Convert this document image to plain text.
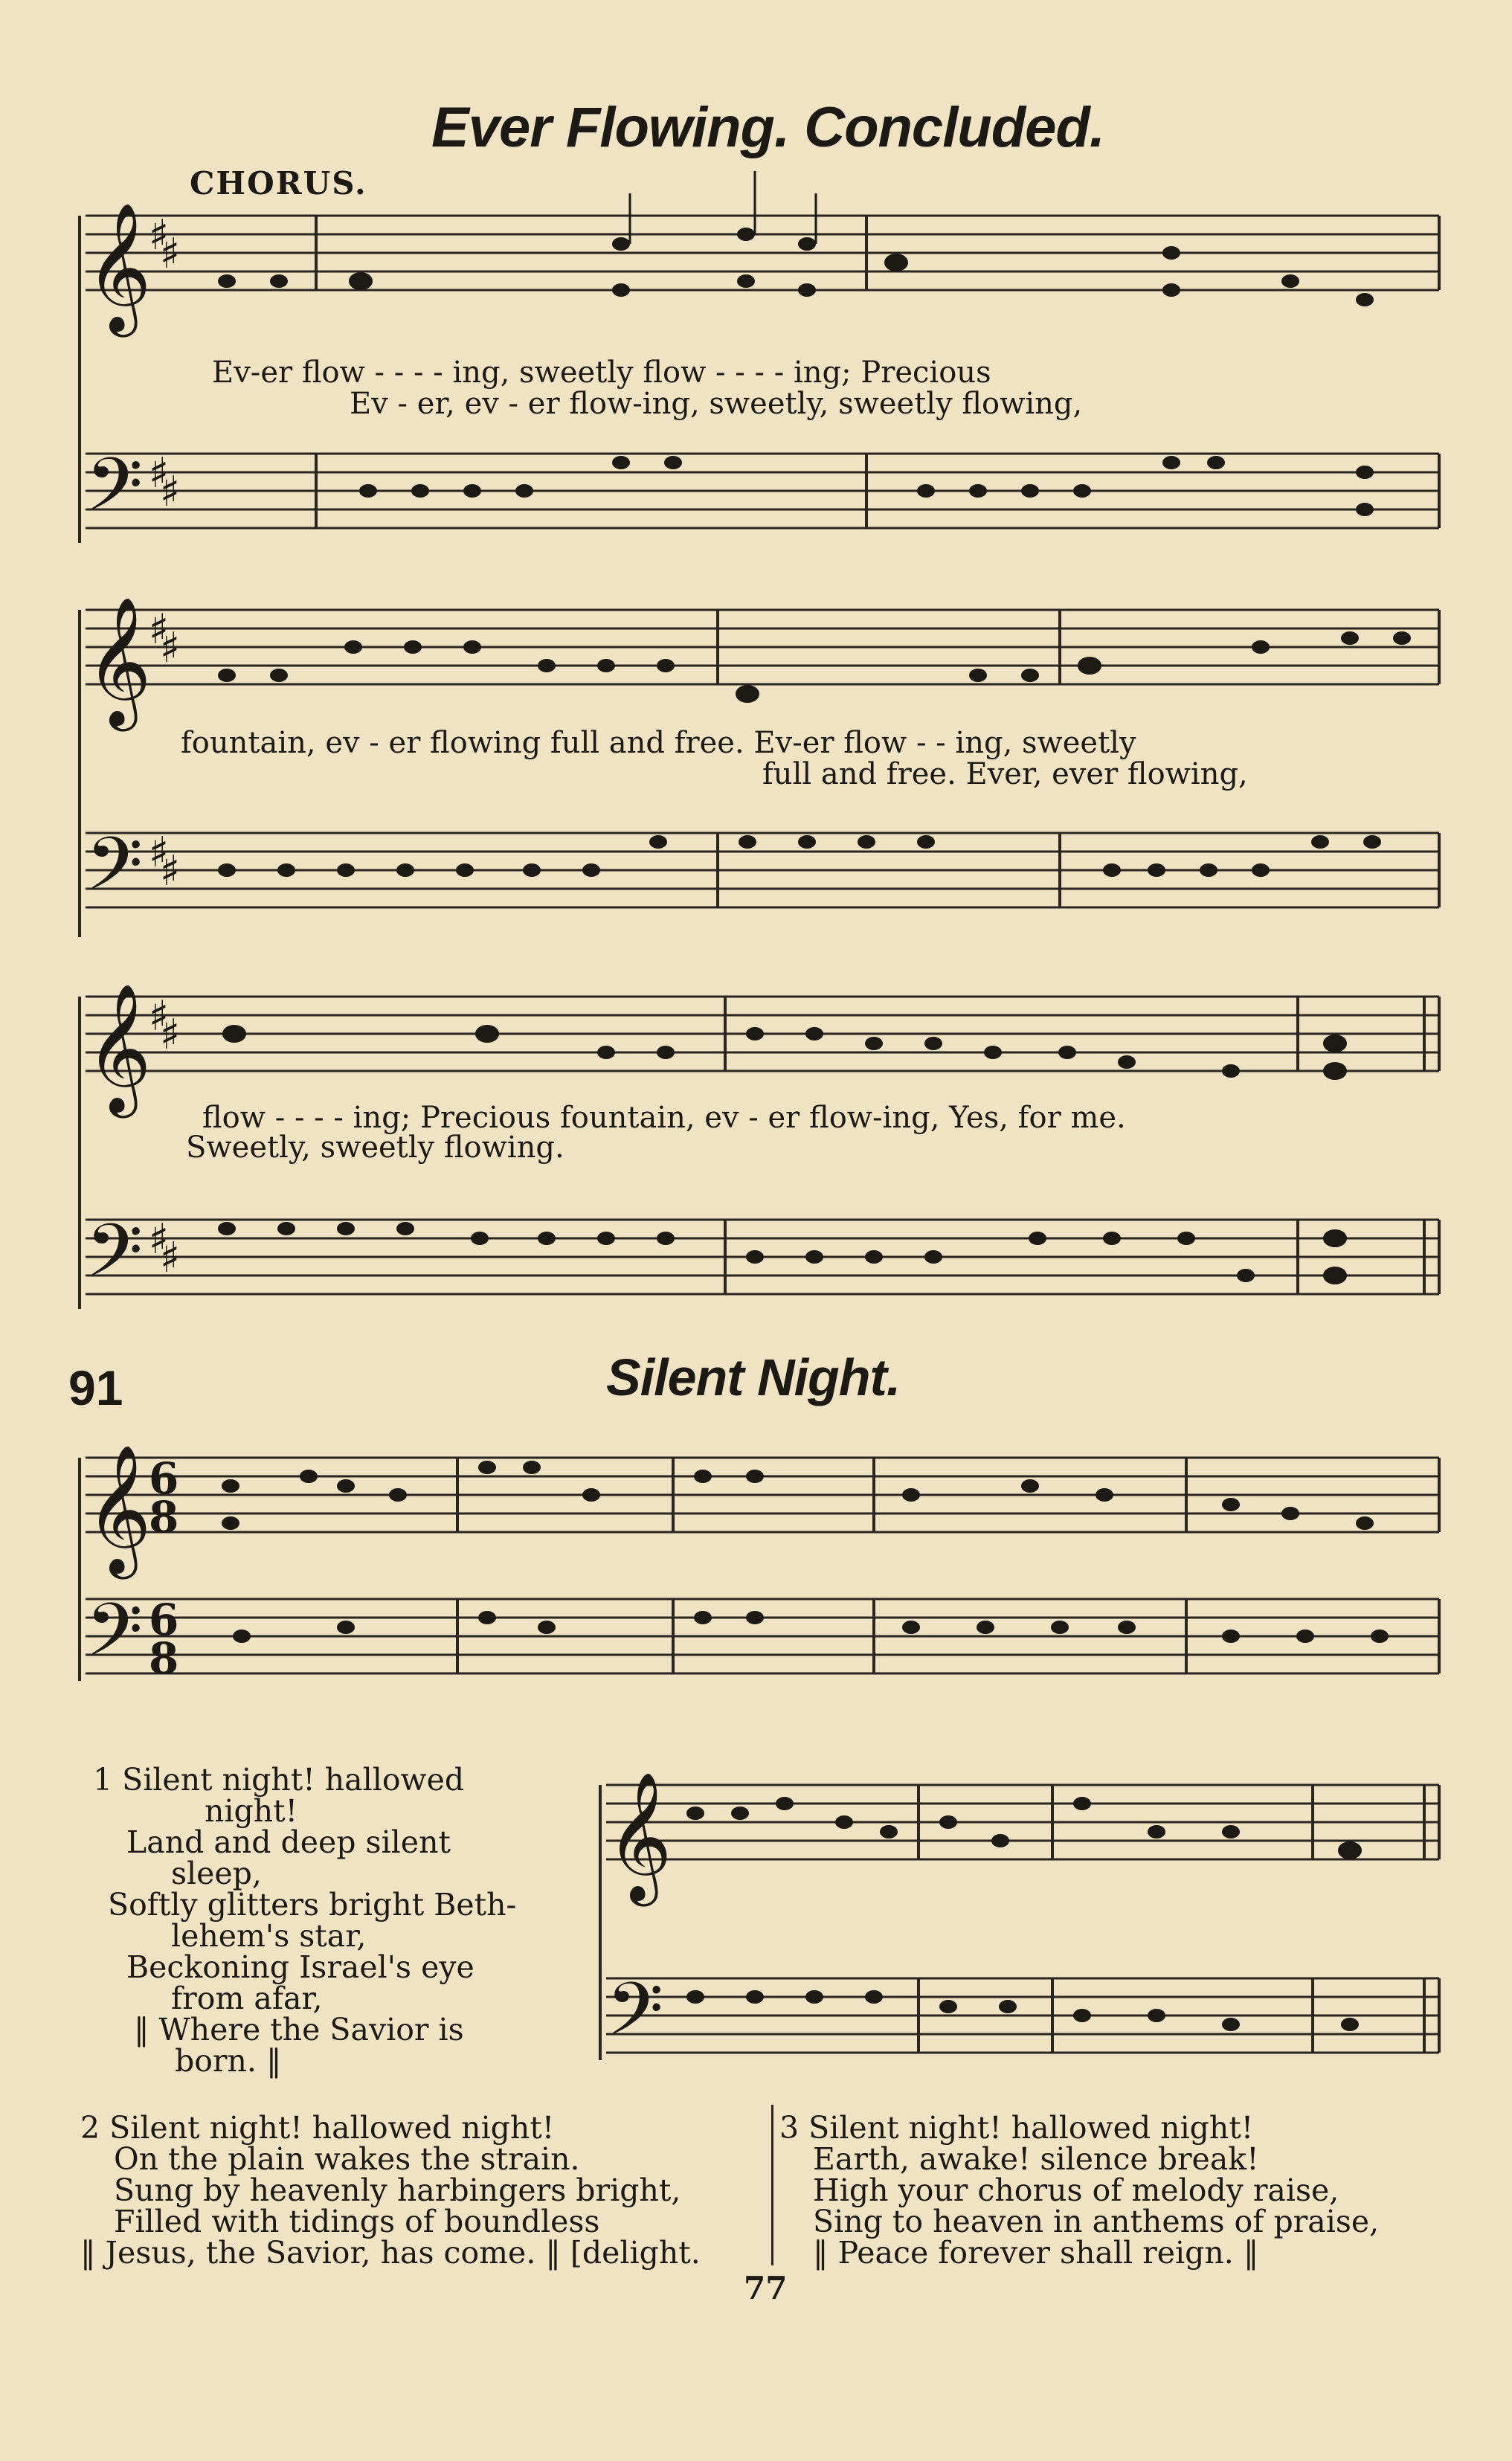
Ever Flowing. Concluded.
CHORUS.
𝄞
♯
♯
𝄢 ♯
♯
Ev-er flow - - - - ing, sweetly flow - - - - ing; Precious
Ev - er, ev - er flow-ing, sweetly, sweetly flowing,
𝄞
♯
♯
𝄢 ♯
♯
fountain, ev - er flowing full and free. Ev-er flow - - ing, sweetly
full and free. Ever, ever flowing,
𝄞
♯
♯
𝄢 ♯
♯
flow - - - - ing; Precious fountain, ev - er flow-ing, Yes, for me.
Sweetly, sweetly flowing.
91	Silent Night.
𝄞
6
8
𝄢 6
8
𝄞
𝄢
1 Silent night! hallowed
night!
Land and deep silent
sleep,
Softly glitters bright Beth-
lehem's star,
Beckoning Israel's eye
from afar,
‖ Where the Savior is
born. ‖
2 Silent night! hallowed night!
On the plain wakes the strain.
Sung by heavenly harbingers bright,
Filled with tidings of boundless
‖ Jesus, the Savior, has come. ‖ [delight.
3 Silent night! hallowed night!
Earth, awake! silence break!
High your chorus of melody raise,
Sing to heaven in anthems of praise,
‖ Peace forever shall reign. ‖
77
